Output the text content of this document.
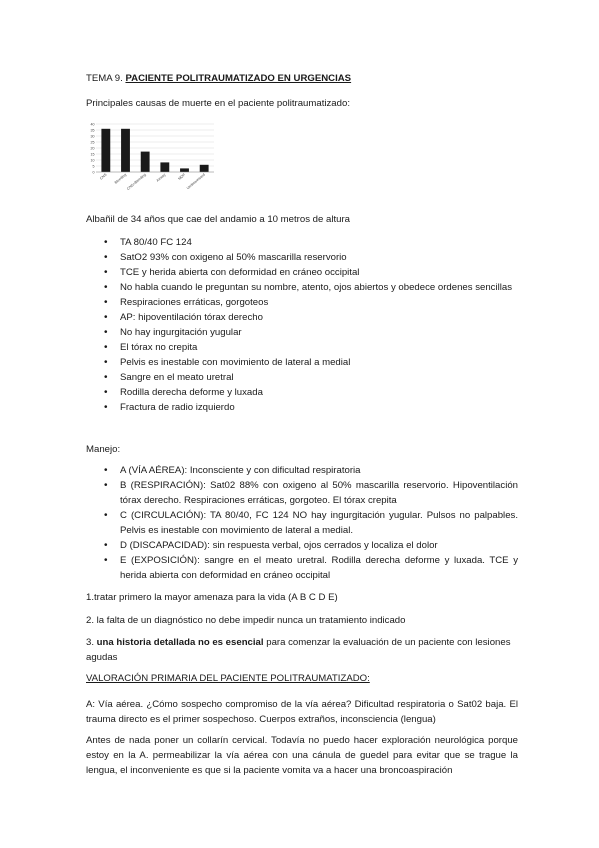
TEMA 9. PACIENTE POLITRAUMATIZADO EN URGENCIAS

Principales causas de muerte en el paciente politraumatizado:

40
35
30
25
20
15
10
5
0
CNS Bleeding
CNS+Bleeding Airway	MOF Undetermined

Albañil de 34 años que cae del andamio a 10 metros de altura

• TA 80/40 FC 124
• SatO2 93% con oxigeno al 50% mascarilla reservorio
• TCE y herida abierta con deformidad en cráneo occipital
• No habla cuando le preguntan su nombre, atento, ojos abiertos y obedece ordenes sencillas
• Respiraciones erráticas, gorgoteos
• AP: hipoventilación tórax derecho
• No hay ingurgitación yugular
• El tórax no crepita
• Pelvis es inestable con movimiento de lateral a medial
• Sangre en el meato uretral
• Rodilla derecha deforme y luxada
• Fractura de radio izquierdo

Manejo:

• A (VÍA AÉREA): Inconsciente y con dificultad respiratoria
• B (RESPIRACIÓN): Sat02 88% con oxigeno al 50% mascarilla reservorio. Hipoventilación tórax derecho. Respiraciones erráticas, gorgoteo. El tórax crepita
• C (CIRCULACIÓN): TA 80/40, FC 124 NO hay ingurgitación yugular. Pulsos no palpables. Pelvis es inestable con movimiento de lateral a medial.
• D (DISCAPACIDAD): sin respuesta verbal, ojos cerrados y localiza el dolor
• E (EXPOSICIÓN): sangre en el meato uretral. Rodilla derecha deforme y luxada. TCE y herida abierta con deformidad en cráneo occipital

1.tratar primero la mayor amenaza para la vida (A B C D E)

2. la falta de un diagnóstico no debe impedir nunca un tratamiento indicado

3. una historia detallada no es esencial para comenzar la evaluación de un paciente con lesiones agudas

VALORACIÓN PRIMARIA DEL PACIENTE POLITRAUMATIZADO:

A: Vía aérea. ¿Cómo sospecho compromiso de la vía aérea? Dificultad respiratoria o Sat02 baja. El trauma directo es el primer sospechoso. Cuerpos extraños, inconsciencia (lengua)

Antes de nada poner un collarín cervical. Todavía no puedo hacer exploración neurológica porque estoy en la A. permeabilizar la vía aérea con una cánula de guedel para evitar que se trague la lengua, el inconveniente es que si la paciente vomita va a hacer una broncoaspiración
